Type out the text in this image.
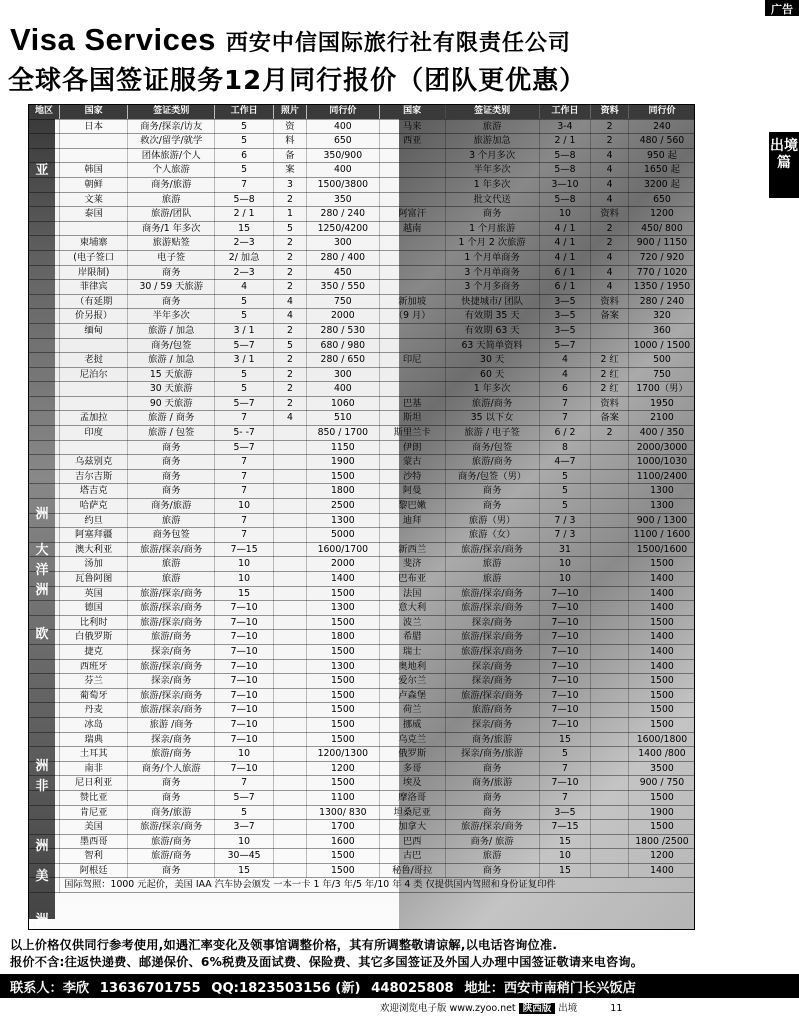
广告
出境篇
Visa Services 西安中信国际旅行社有限责任公司
全球各国签证服务12月同行报价（团队更优惠）
地区	国家	签证类别	工作日	照片	同行价	国家	签证类别	工作日	资料	同行价
	日本	商务/探亲/访友	5	资	400	马来	旅游	3-4	2	240
		救次/留学/就学	5	料	650	西亚	旅游加急	2 / 1	2	480 / 560
		团体旅游/个人	6	备	350/900		3 个月多次	5—8	4	950 起
	韩国	个人旅游	5	案	400		半年多次	5—8	4	1650 起
	朝鲜	商务/旅游	7	3	1500/3800		1 年多次	3—10	4	3200 起
	文莱	旅游	5—8	2	350		批文代送	5—8	4	650
	泰国	旅游/团队	2 / 1	1	280 / 240	阿富汗	商务	10	资料	1200
		商务/1 年多次	15	5	1250/4200	越南	1 个月旅游	4 / 1	2	450/ 800
	柬埔寨	旅游贴签	2—3	2	300		1 个月 2 次旅游	4 / 1	2	900 / 1150
	(电子签口	电子签	2/ 加急	2	280 / 400		1 个月单商务	4 / 1	4	720 / 920
	岸限制)	商务	2—3	2	450		3 个月单商务	6 / 1	4	770 / 1020
	菲律宾	30 / 59 天旅游	4	2	350 / 550		3 个月多商务	6 / 1	4	1350 / 1950
	（有延期	商务	5	4	750	新加坡	快捷城市/ 团队	3—5	资料	280 / 240
	价另报）	半年多次	5	4	2000	（9 月）	有效期 35 天	3—5	备案	320
	缅甸	旅游 / 加急	3 / 1	2	280 / 530		有效期 63 天	3—5		360
		商务/包签	5—7	5	680 / 980		63 天简单资料	5—7		1000 / 1500
	老挝	旅游 / 加急	3 / 1	2	280 / 650	印尼	30 天	4	2 红	500
	尼泊尔	15 天旅游	5	2	300		60 天	4	2 红	750
		30 天旅游	5	2	400		1 年多次	6	2 红	1700（男）
		90 天旅游	5—7	2	1060	巴基	旅游/商务	7	资料	1950
	孟加拉	旅游 / 商务	7	4	510	斯坦	35 以下女	7	备案	2100
	印度	旅游 / 包签	5- -7		850 / 1700	斯里兰卡	旅游 / 电子签	6 / 2	2	400 / 350
		商务	5—7		1150	伊朗	商务/包签	8		2000/3000
	乌兹别克	商务	7		1900	蒙古	旅游/商务	4—7		1000/1030
	吉尔吉斯	商务	7		1500	沙特	商务/包签（男）	5		1100/2400
	塔吉克	商务	7		1800	阿曼	商务	5		1300
	哈萨克	商务/旅游	10		2500	黎巴嫩	商务	5		1300
	约旦	旅游	7		1300	迪拜	旅游（男）	7 / 3		900 / 1300
	阿塞拜疆	商务包签	7		5000		旅游（女）	7 / 3		1100 / 1600
	澳大利亚	旅游/探亲/商务	7—15		1600/1700	新西兰	旅游/探亲/商务	31		1500/1600
	汤加	旅游	10		2000	斐济	旅游	10		1500
	瓦鲁阿图	旅游	10		1400	巴布亚	旅游	10		1400
	英国	旅游/探亲/商务	15		1500	法国	旅游/探亲/商务	7—10		1400
	德国	旅游/探亲/商务	7—10		1300	意大利	旅游/探亲/商务	7—10		1400
	比利时	旅游/探亲/商务	7—10		1500	波兰	探亲/商务	7—10		1500
	白俄罗斯	旅游/商务	7—10		1800	希腊	旅游/探亲/商务	7—10		1400
	捷克	探亲/商务	7—10		1500	瑞士	旅游/探亲/商务	7—10		1400
	西班牙	旅游/探亲/商务	7—10		1300	奥地利	探亲/商务	7—10		1400
	芬兰	探亲/商务	7—10		1500	爱尔兰	探亲/商务	7—10		1500
	葡萄牙	旅游/探亲/商务	7—10		1500	卢森堡	旅游/探亲/商务	7—10		1500
	丹麦	旅游/探亲/商务	7—10		1500	荷兰	旅游/商务	7—10		1500
	冰岛	旅游 /商务	7—10		1500	挪威	探亲/商务	7—10		1500
	瑞典	探亲/商务	7—10		1500	乌克兰	商务/旅游	15		1600/1800
	土耳其	旅游/商务	10		1200/1300	俄罗斯	探亲/商务/旅游	5		1400 /800
	南非	商务/个人旅游	7—10		1200	多哥	商务	7		3500
	尼日利亚	商务	7		1500	埃及	商务/旅游	7—10		900 / 750
	赞比亚	商务	5—7		1100	摩洛哥	商务	7		1500
	肯尼亚	商务/旅游	5		1300/ 830	坦桑尼亚	商务	3—5		1900
	美国	旅游/探亲/商务	3—7		1700	加拿大	旅游/探亲/商务	7—15		1500
	墨西哥	旅游/商务	10		1600	巴西	商务/ 旅游	15		1800 /2500
	智利	旅游/商务	30—45		1500	古巴	旅游	10		1200
	阿根廷	商务	15		1500	秘鲁/哥拉	商务	15		1400
	国际驾照：1000 元起价，美国 IAA 汽车协会颁发 一本一卡 1 年/3 年/5 年/10 年 4 类 仅提供国内驾照和身份证复印件									
亚
洲
大
洋
洲
欧
洲
非
洲
美
洲
以上价格仅供同行参考使用,如遇汇率变化及领事馆调整价格，其有所调整敬请谅解,以电话咨询位准.
报价不含:往返快递费、邮递保价、6%税费及面试费、保险费、其它多国签证及外国人办理中国签证敬请来电咨询。
联系人：李欣 13636701755 QQ:1823503156 (新) 448025808 地址：西安市南稍门长兴饭店
欢迎浏览电子版 www.zyoo.net 陕西版 出境	11
